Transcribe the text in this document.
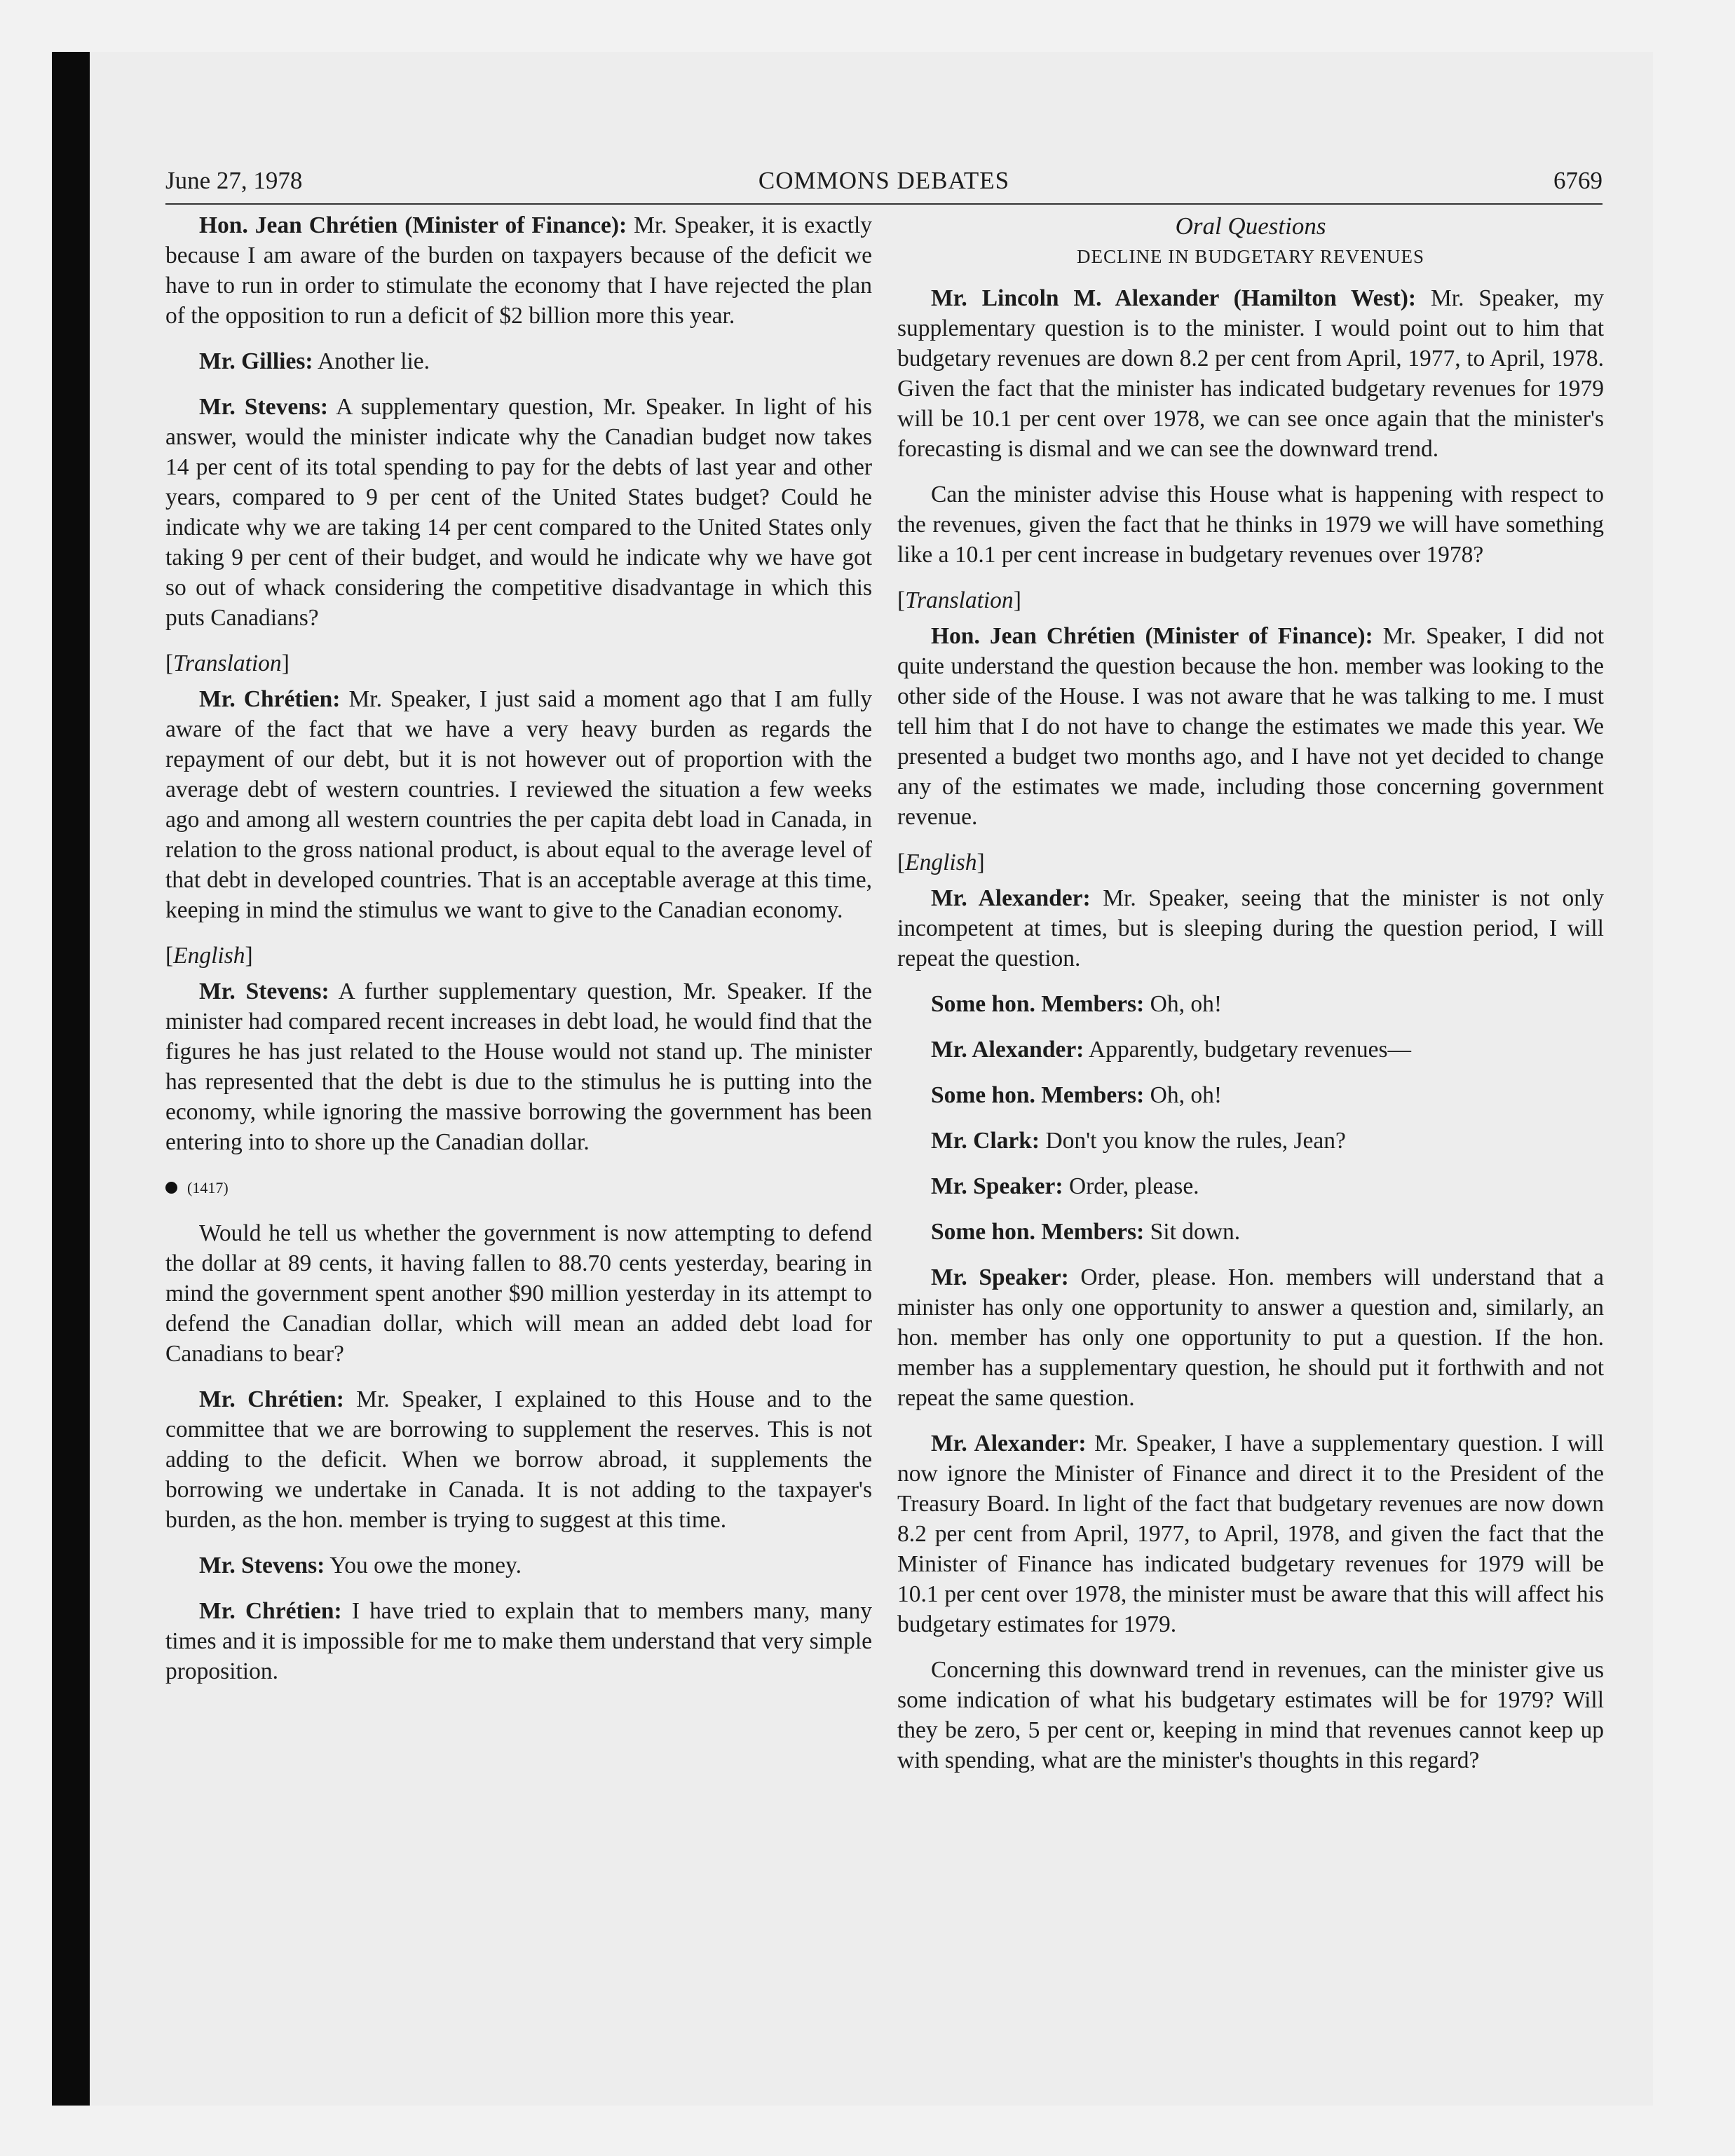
June 27, 1978	COMMONS DEBATES	6769

Hon. Jean Chrétien (Minister of Finance): Mr. Speaker, it is exactly because I am aware of the burden on taxpayers because of the deficit we have to run in order to stimulate the economy that I have rejected the plan of the opposition to run a deficit of $2 billion more this year.

Mr. Gillies: Another lie.

Mr. Stevens: A supplementary question, Mr. Speaker. In light of his answer, would the minister indicate why the Canadian budget now takes 14 per cent of its total spending to pay for the debts of last year and other years, compared to 9 per cent of the United States budget? Could he indicate why we are taking 14 per cent compared to the United States only taking 9 per cent of their budget, and would he indicate why we have got so out of whack considering the competitive disadvantage in which this puts Canadians?

[Translation]

Mr. Chrétien: Mr. Speaker, I just said a moment ago that I am fully aware of the fact that we have a very heavy burden as regards the repayment of our debt, but it is not however out of proportion with the average debt of western countries. I reviewed the situation a few weeks ago and among all western countries the per capita debt load in Canada, in relation to the gross national product, is about equal to the average level of that debt in developed countries. That is an acceptable average at this time, keeping in mind the stimulus we want to give to the Canadian economy.

[English]

Mr. Stevens: A further supplementary question, Mr. Speaker. If the minister had compared recent increases in debt load, he would find that the figures he has just related to the House would not stand up. The minister has represented that the debt is due to the stimulus he is putting into the economy, while ignoring the massive borrowing the government has been entering into to shore up the Canadian dollar.

(1417)

Would he tell us whether the government is now attempting to defend the dollar at 89 cents, it having fallen to 88.70 cents yesterday, bearing in mind the government spent another $90 million yesterday in its attempt to defend the Canadian dollar, which will mean an added debt load for Canadians to bear?

Mr. Chrétien: Mr. Speaker, I explained to this House and to the committee that we are borrowing to supplement the reserves. This is not adding to the deficit. When we borrow abroad, it supplements the borrowing we undertake in Canada. It is not adding to the taxpayer's burden, as the hon. member is trying to suggest at this time.

Mr. Stevens: You owe the money.

Mr. Chrétien: I have tried to explain that to members many, many times and it is impossible for me to make them understand that very simple proposition.

Oral Questions
DECLINE IN BUDGETARY REVENUES

Mr. Lincoln M. Alexander (Hamilton West): Mr. Speaker, my supplementary question is to the minister. I would point out to him that budgetary revenues are down 8.2 per cent from April, 1977, to April, 1978. Given the fact that the minister has indicated budgetary revenues for 1979 will be 10.1 per cent over 1978, we can see once again that the minister's forecasting is dismal and we can see the downward trend.

Can the minister advise this House what is happening with respect to the revenues, given the fact that he thinks in 1979 we will have something like a 10.1 per cent increase in budgetary revenues over 1978?

[Translation]

Hon. Jean Chrétien (Minister of Finance): Mr. Speaker, I did not quite understand the question because the hon. member was looking to the other side of the House. I was not aware that he was talking to me. I must tell him that I do not have to change the estimates we made this year. We presented a budget two months ago, and I have not yet decided to change any of the estimates we made, including those concerning government revenue.

[English]

Mr. Alexander: Mr. Speaker, seeing that the minister is not only incompetent at times, but is sleeping during the question period, I will repeat the question.

Some hon. Members: Oh, oh!

Mr. Alexander: Apparently, budgetary revenues—

Some hon. Members: Oh, oh!

Mr. Clark: Don't you know the rules, Jean?

Mr. Speaker: Order, please.

Some hon. Members: Sit down.

Mr. Speaker: Order, please. Hon. members will understand that a minister has only one opportunity to answer a question and, similarly, an hon. member has only one opportunity to put a question. If the hon. member has a supplementary question, he should put it forthwith and not repeat the same question.

Mr. Alexander: Mr. Speaker, I have a supplementary question. I will now ignore the Minister of Finance and direct it to the President of the Treasury Board. In light of the fact that budgetary revenues are now down 8.2 per cent from April, 1977, to April, 1978, and given the fact that the Minister of Finance has indicated budgetary revenues for 1979 will be 10.1 per cent over 1978, the minister must be aware that this will affect his budgetary estimates for 1979.

Concerning this downward trend in revenues, can the minister give us some indication of what his budgetary estimates will be for 1979? Will they be zero, 5 per cent or, keeping in mind that revenues cannot keep up with spending, what are the minister's thoughts in this regard?
